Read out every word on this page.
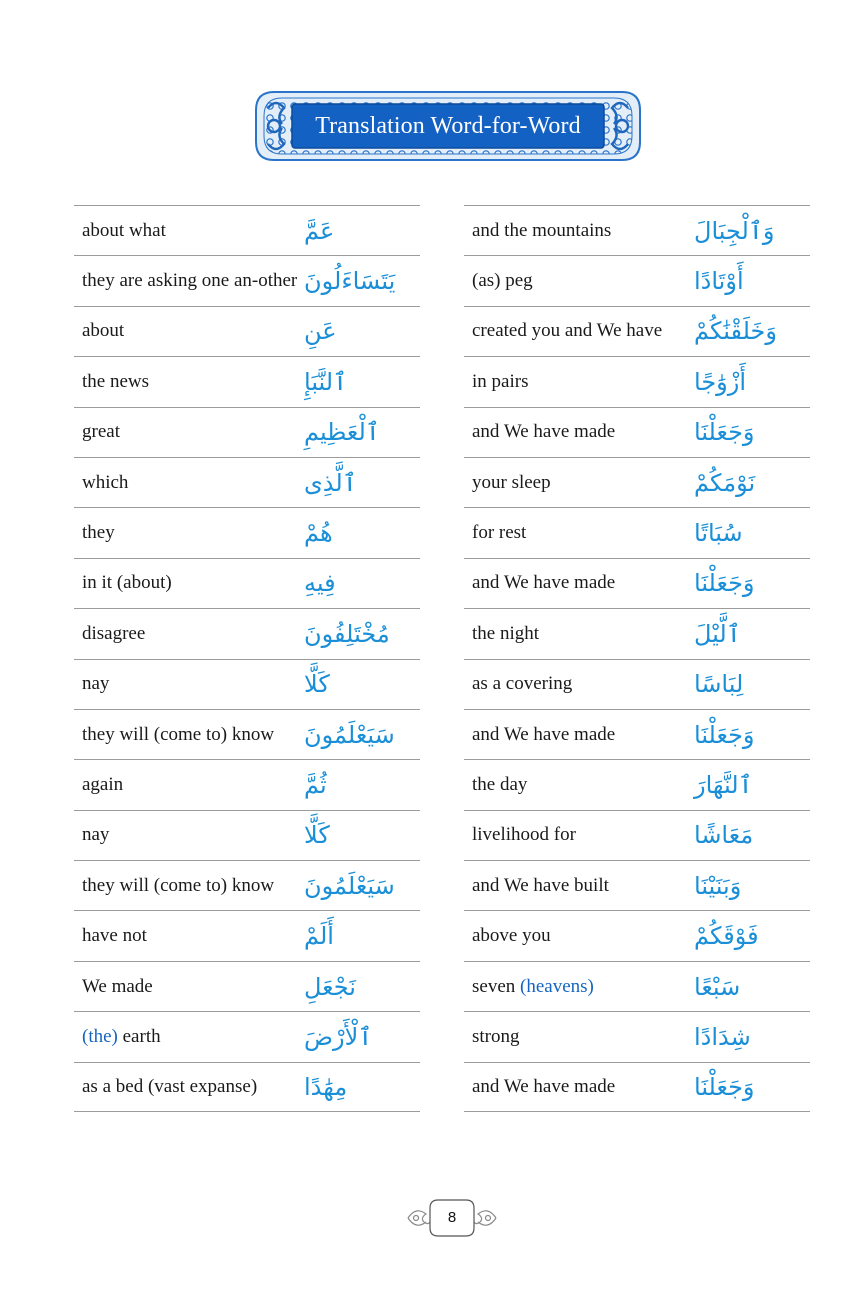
Translation Word-for-Word
about what	عَمَّ
they are asking one an-other يَتَسَاءَلُونَ
about	عَنِ
the news	ٱلنَّبَإِ
great	ٱلْعَظِيمِ
which	ٱلَّذِى
they	هُمْ
in it (about)	فِيهِ
disagree	مُخْتَلِفُونَ
nay	كَلَّا
they will (come to) know	سَيَعْلَمُونَ
again	ثُمَّ
nay	كَلَّا
they will (come to) know	سَيَعْلَمُونَ
have not	أَلَمْ
We made	نَجْعَلِ
(the) earth	ٱلْأَرْضَ
as a bed (vast expanse)	مِهَٰدًا
and the mountains	وَٱلْجِبَالَ
(as) peg	أَوْتَادًا
created you and We have	وَخَلَقْنَٰكُمْ
in pairs	أَزْوَٰجًا
and We have made	وَجَعَلْنَا
your sleep	نَوْمَكُمْ
for rest	سُبَاتًا
and We have made	وَجَعَلْنَا
the night	ٱلَّيْلَ
as a covering	لِبَاسًا
and We have made	وَجَعَلْنَا
the day	ٱلنَّهَارَ
livelihood for	مَعَاشًا
and We have built	وَبَنَيْنَا
above you	فَوْقَكُمْ
seven (heavens)	سَبْعًا
strong	شِدَادًا
and We have made	وَجَعَلْنَا
8
